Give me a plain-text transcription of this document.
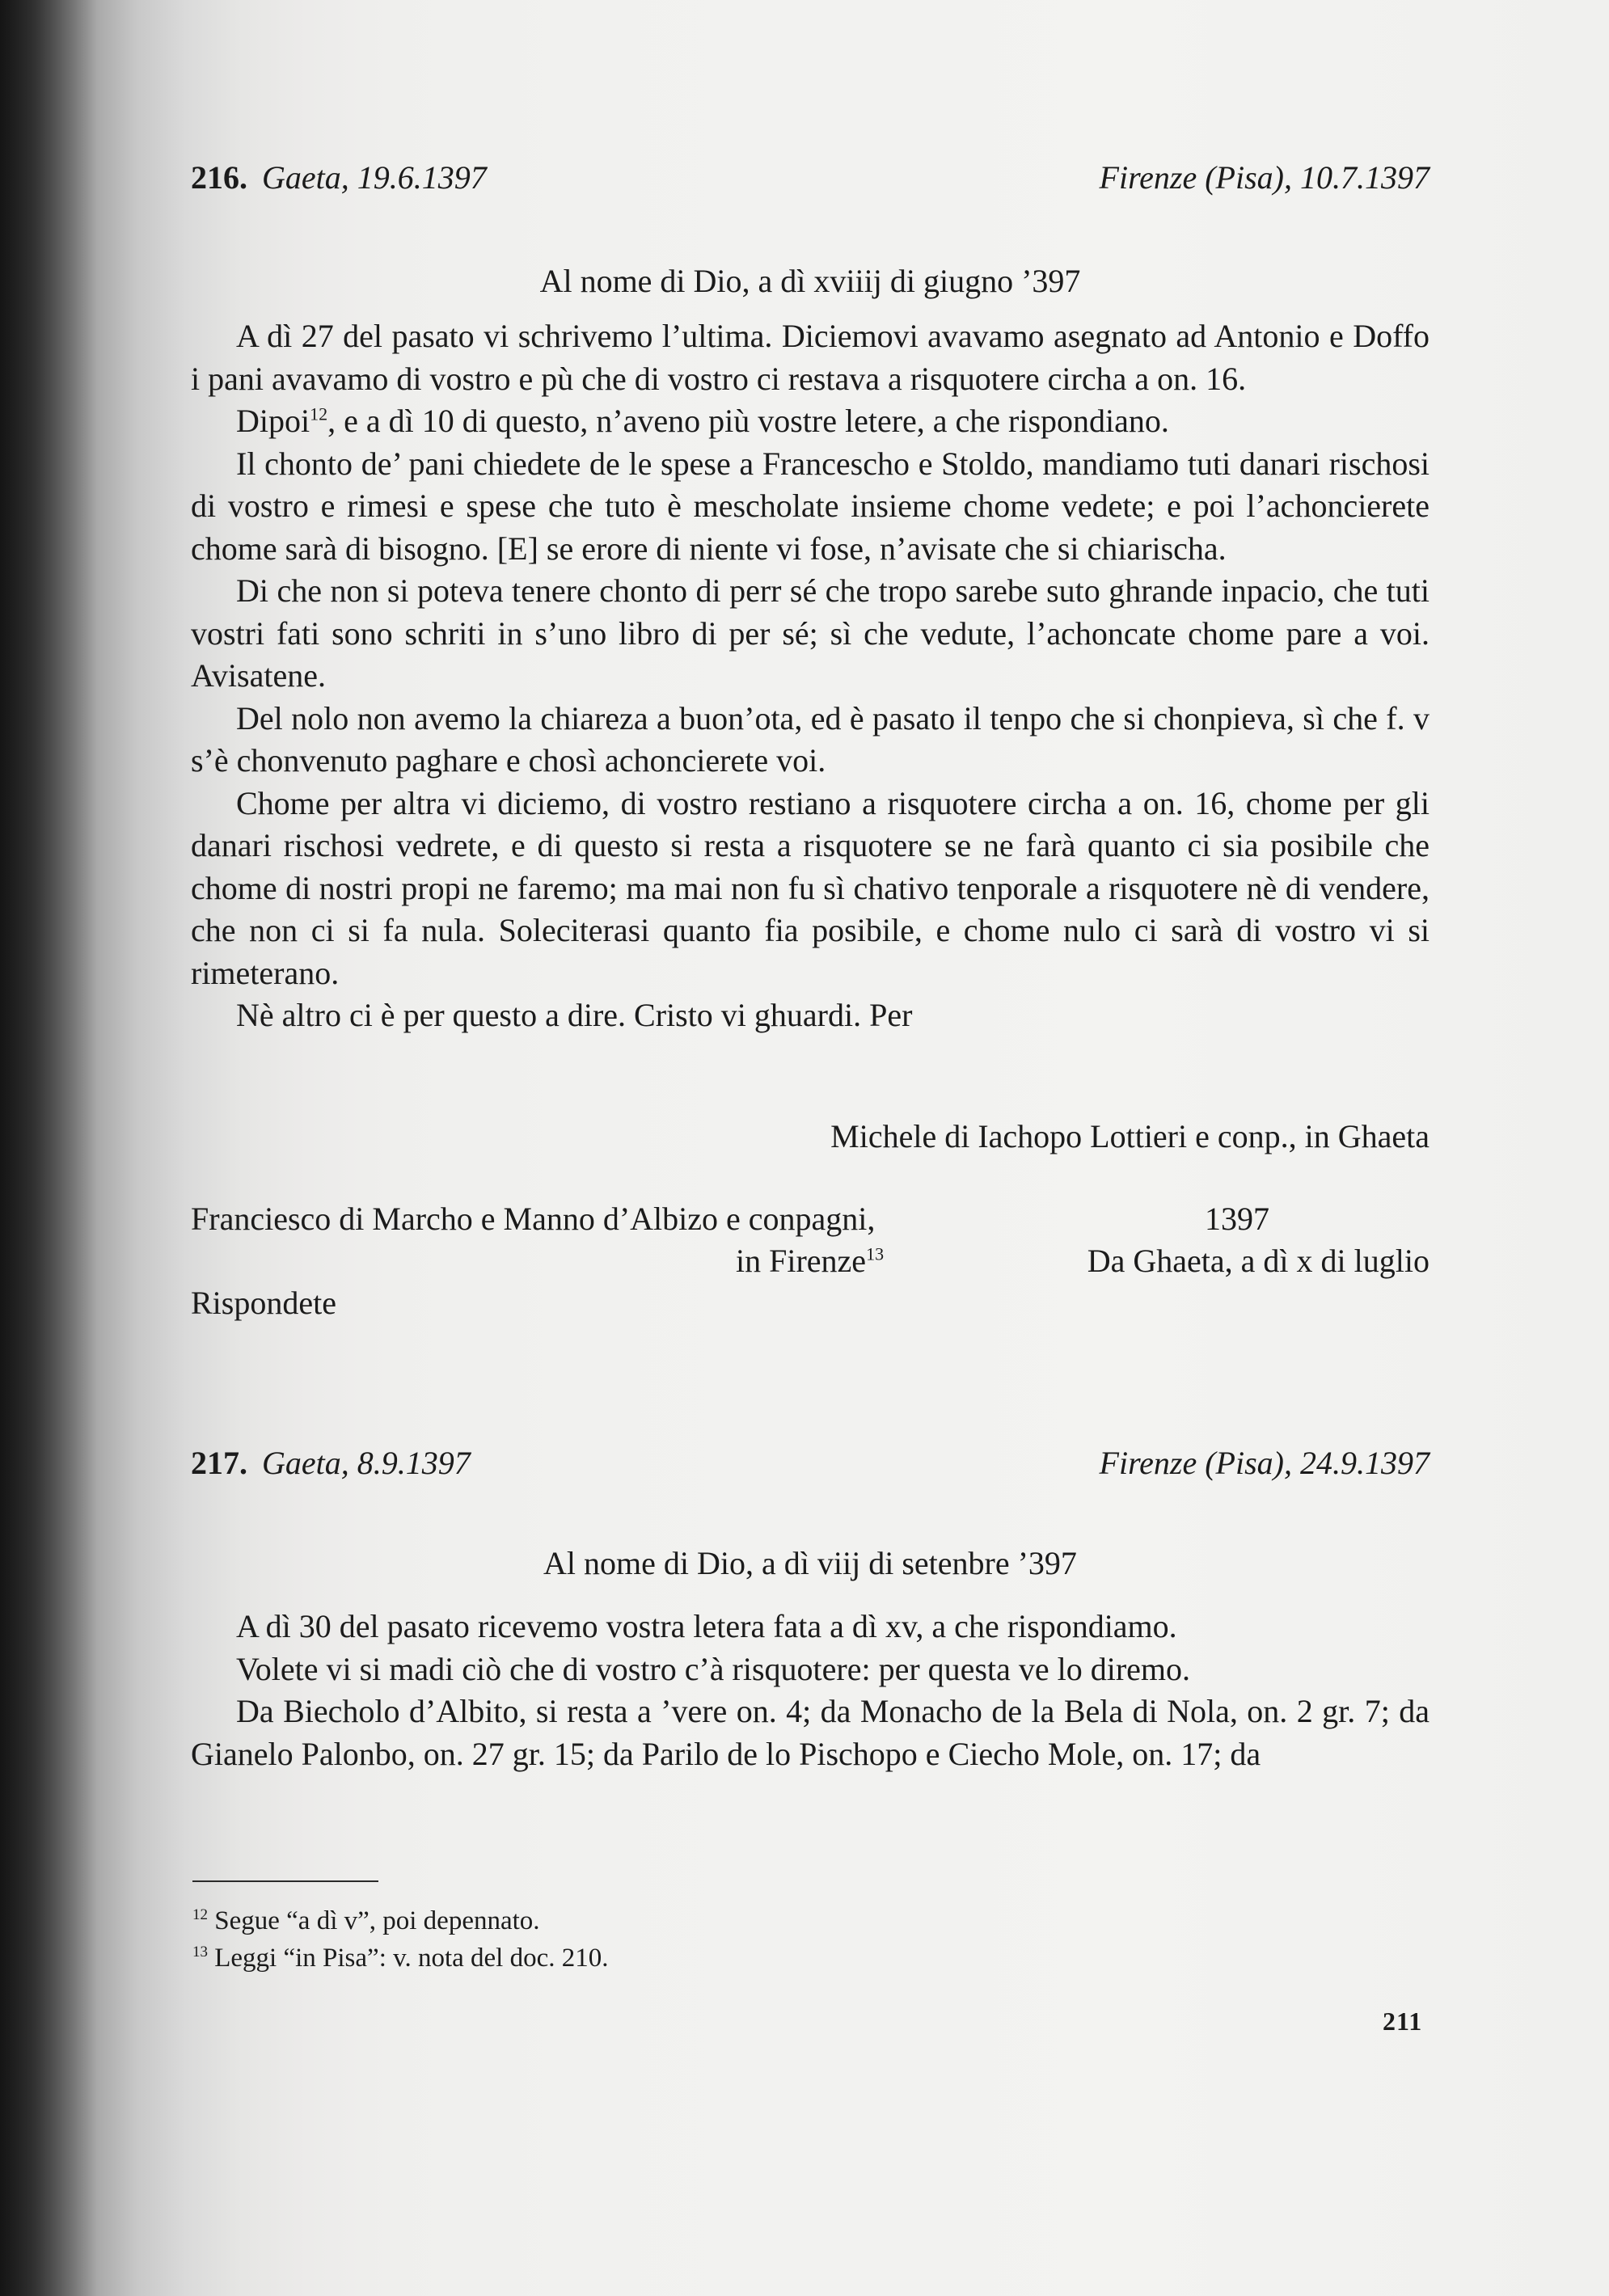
216. Gaeta, 19.6.1397	Firenze (Pisa), 10.7.1397
Al nome di Dio, a dì xviiij di giugno ’397

A dì 27 del pasato vi schrivemo l’ultima. Diciemovi avavamo asegnato ad Antonio e Doffo i pani avavamo di vostro e pù che di vostro ci restava a risquotere circha a on. 16.

Dipoi$^{12}$, e a dì 10 di questo, n’aveno più vostre letere, a che rispondiano.

Il chonto de’ pani chiedete de le spese a Francescho e Stoldo, mandiamo tuti danari rischosi di vostro e rimesi e spese che tuto è mescholate insieme chome vedete; e poi l’achoncierete chome sarà di bisogno. [E] se erore di niente vi fose, n’avisate che si chiarischa.

Di che non si poteva tenere chonto di perr sé che tropo sarebe suto ghrande inpacio, che tuti vostri fati sono schriti in s’uno libro di per sé; sì che vedute, l’achoncate chome pare a voi. Avisatene.

Del nolo non avemo la chiareza a buon’ota, ed è pasato il tenpo che si chonpieva, sì che f. v s’è chonvenuto paghare e chosì achoncierete voi.

Chome per altra vi diciemo, di vostro restiano a risquotere circha a on. 16, chome per gli danari rischosi vedrete, e di questo si resta a risquotere se ne farà quanto ci sia posibile che chome di nostri propi ne faremo; ma mai non fu sì chativo tenporale a risquotere nè di vendere, che non ci si fa nula. Soleciterasi quanto fia posibile, e chome nulo ci sarà di vostro vi si rimeterano.

Nè altro ci è per questo a dire. Cristo vi ghuardi. Per

Michele di Iachopo Lottieri e conp., in Ghaeta
Franciesco di Marcho e Manno d’Albizo e conpagni,	1397
in Firenze$^{13}$	Da Ghaeta, a dì x di luglio
Rispondete
217. Gaeta, 8.9.1397	Firenze (Pisa), 24.9.1397
Al nome di Dio, a dì viij di setenbre ’397

A dì 30 del pasato ricevemo vostra letera fata a dì xv, a che rispondiamo.

Volete vi si madi ciò che di vostro c’à risquotere: per questa ve lo diremo.

Da Biecholo d’Albito, si resta a ’vere on. 4; da Monacho de la Bela di Nola, on. 2 gr. 7; da Gianelo Palonbo, on. 27 gr. 15; da Parilo de lo Pischopo e Ciecho Mole, on. 17; da

$^{12}$ Segue “a dì v”, poi depennato.
$^{13}$ Leggi “in Pisa”: v. nota del doc. 210.
211
